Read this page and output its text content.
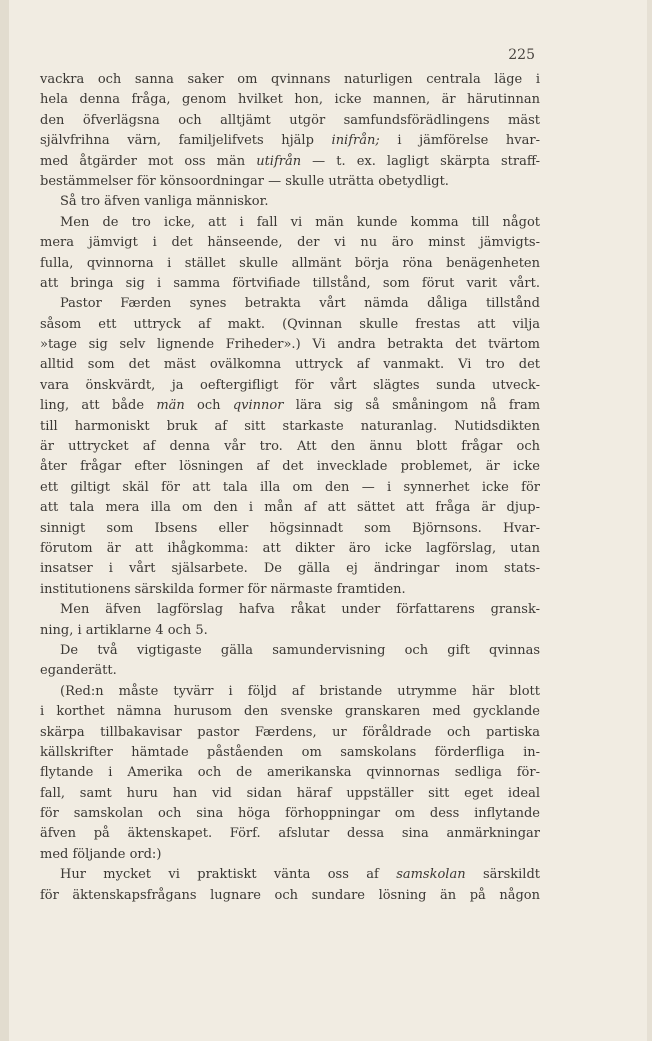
225
vackra och sanna saker om qvinnans naturligen centrala läge i
hela denna fråga, genom hvilket hon, icke mannen, är härutinnan
den öfverlägsna och alltjämt utgör samfundsförädlingens mäst
självfrihna värn, familjelifvets hjälp inifrån; i jämförelse hvar-
med åtgärder mot oss män utifrån — t. ex. lagligt skärpta straff-
bestämmelser för könsoordningar — skulle uträtta obetydligt.
Så tro äfven vanliga människor.
Men de tro icke, att i fall vi män kunde komma till något
mera jämvigt i det hänseende, der vi nu äro minst jämvigts-
fulla, qvinnorna i stället skulle allmänt börja röna benägenheten
att bringa sig i samma förtvifiade tillstånd, som förut varit vårt.
Pastor Færden synes betrakta vårt nämda dåliga tillstånd
såsom ett uttryck af makt. (Qvinnan skulle frestas att vilja
»tage sig selv lignende Friheder».) Vi andra betrakta det tvärtom
alltid som det mäst ovälkomna uttryck af vanmakt. Vi tro det
vara önskvärdt, ja oeftergifligt för vårt slägtes sunda utveck-
ling, att både män och qvinnor lära sig så småningom nå fram
till harmoniskt bruk af sitt starkaste naturanlag. Nutidsdikten
är uttrycket af denna vår tro. Att den ännu blott frågar och
åter frågar efter lösningen af det invecklade problemet, är icke
ett giltigt skäl för att tala illa om den — i synnerhet icke för
att tala mera illa om den i mån af att sättet att fråga är djup-
sinnigt som Ibsens eller högsinnadt som Björnsons. Hvar-
förutom är att ihågkomma: att dikter äro icke lagförslag, utan
insatser i vårt själsarbete. De gälla ej ändringar inom stats-
institutionens särskilda former för närmaste framtiden.
Men äfven lagförslag hafva råkat under författarens gransk-
ning, i artiklarne 4 och 5.
De två vigtigaste gälla samundervisning och gift qvinnas
eganderätt.
(Red:n måste tyvärr i följd af bristande utrymme här blott
i korthet nämna hurusom den svenske granskaren med gycklande
skärpa tillbakavisar pastor Færdens, ur föråldrade och partiska
källskrifter hämtade påståenden om samskolans förderfliga in-
flytande i Amerika och de amerikanska qvinnornas sedliga för-
fall, samt huru han vid sidan häraf uppställer sitt eget ideal
för samskolan och sina höga förhoppningar om dess inflytande
äfven på äktenskapet. Förf. afslutar dessa sina anmärkningar
med följande ord:)
Hur mycket vi praktiskt vänta oss af samskolan särskildt
för äktenskapsfrågans lugnare och sundare lösning än på någon
